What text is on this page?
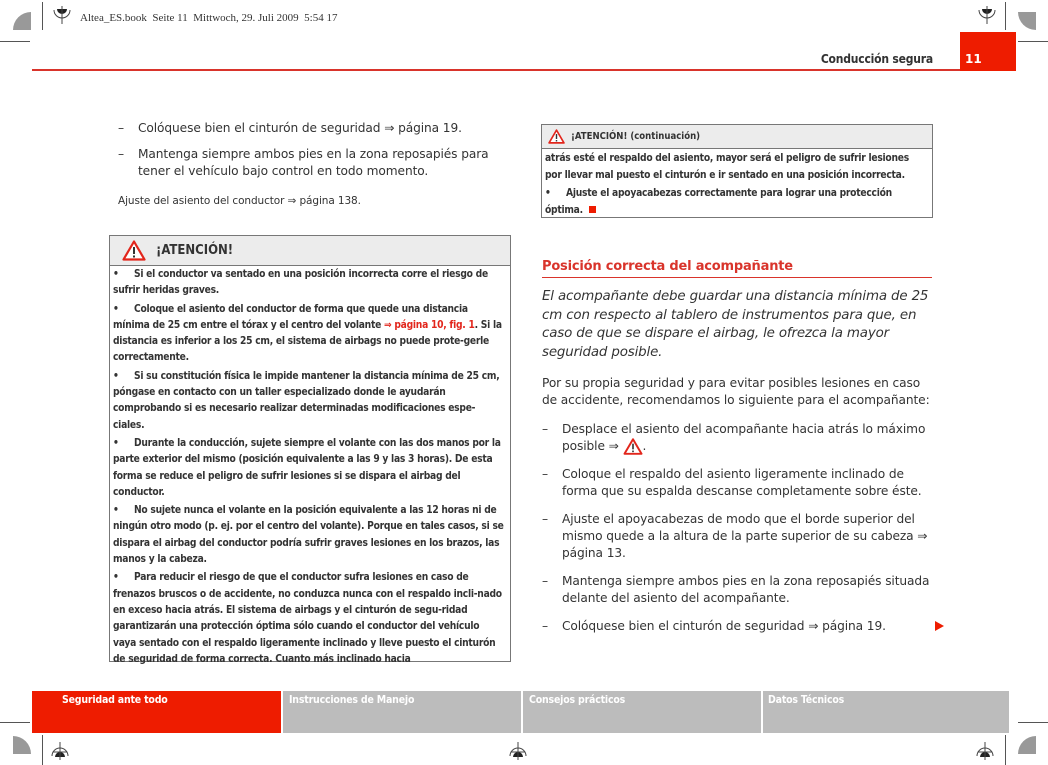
Altea_ES.book  Seite 11  Mittwoch, 29. Juli 2009  5:54 17
Conducción segura	11
– Colóquese bien el cinturón de seguridad ⇒ página 19.
– Mantenga siempre ambos pies en la zona reposapiés para tener el vehículo bajo control en todo momento.
Ajuste del asiento del conductor ⇒ página 138.
¡ATENCIÓN!
• Si el conductor va sentado en una posición incorrecta corre el riesgo de sufrir heridas graves.
• Coloque el asiento del conductor de forma que quede una distancia mínima de 25 cm entre el tórax y el centro del volante ⇒ página 10, fig. 1. Si la distancia es inferior a los 25 cm, el sistema de airbags no puede prote-gerle correctamente.
• Si su constitución física le impide mantener la distancia mínima de 25 cm, póngase en contacto con un taller especializado donde le ayudarán comprobando si es necesario realizar determinadas modificaciones espe-ciales.
• Durante la conducción, sujete siempre el volante con las dos manos por la parte exterior del mismo (posición equivalente a las 9 y las 3 horas). De esta forma se reduce el peligro de sufrir lesiones si se dispara el airbag del conductor.
• No sujete nunca el volante en la posición equivalente a las 12 horas ni de ningún otro modo (p. ej. por el centro del volante). Porque en tales casos, si se dispara el airbag del conductor podría sufrir graves lesiones en los brazos, las manos y la cabeza.
• Para reducir el riesgo de que el conductor sufra lesiones en caso de frenazos bruscos o de accidente, no conduzca nunca con el respaldo incli-nado en exceso hacia atrás. El sistema de airbags y el cinturón de segu-ridad garantizarán una protección óptima sólo cuando el conductor del vehículo vaya sentado con el respaldo ligeramente inclinado y lleve puesto el cinturón de seguridad de forma correcta. Cuanto más inclinado hacia
¡ATENCIÓN! (continuación)
atrás esté el respaldo del asiento, mayor será el peligro de sufrir lesiones por llevar mal puesto el cinturón e ir sentado en una posición incorrecta.
• Ajuste el apoyacabezas correctamente para lograr una protección óptima.
Posición correcta del acompañante
El acompañante debe guardar una distancia mínima de 25 cm con respecto al tablero de instrumentos para que, en caso de que se dispare el airbag, le ofrezca la mayor seguridad posible.
Por su propia seguridad y para evitar posibles lesiones en caso de accidente, recomendamos lo siguiente para el acompañante:
– Desplace el asiento del acompañante hacia atrás lo máximo posible ⇒ .
– Coloque el respaldo del asiento ligeramente inclinado de forma que su espalda descanse completamente sobre éste.
– Ajuste el apoyacabezas de modo que el borde superior del mismo quede a la altura de la parte superior de su cabeza ⇒ página 13.
– Mantenga siempre ambos pies en la zona reposapiés situada delante del asiento del acompañante.
– Colóquese bien el cinturón de seguridad ⇒ página 19.
Seguridad ante todo	Instrucciones de Manejo	Consejos prácticos	Datos Técnicos
